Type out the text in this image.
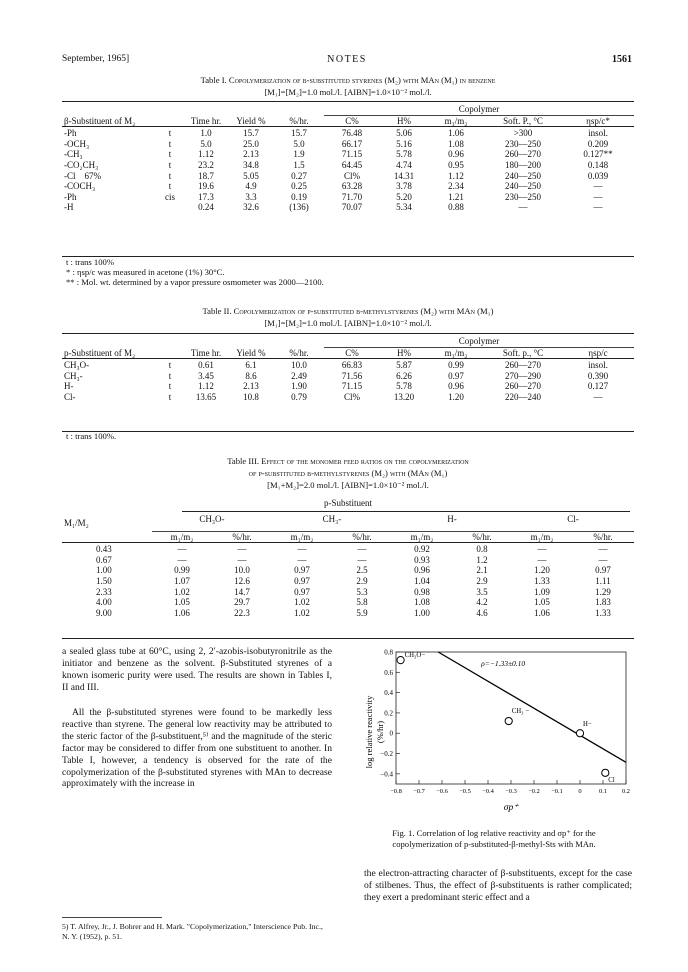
September, 1965]	NOTES	1561
Table I. Copolymerization of β-substituted styrenes (M₂) with MAn (M₁) in benzene
[M₁]=[M₂]=1.0 mol./l. [AIBN]=1.0×10⁻² mol./l.
β-Substituent of M₂		Time hr.	Yield %	%/hr.	Copolymer				
					C%	H%	m₁/m₂	Soft. P., °C	ηsp/c*

-Ph	t	1.0	15.7	15.7	76.48	5.06	1.06	>300	insol.
-OCH₃	t	5.0	25.0	5.0	66.17	5.16	1.08	230—250	0.209
-CH₃	t	1.12	2.13	1.9	71.15	5.78	0.96	260—270	0.127**
-CO₂CH₃	t	23.2	34.8	1.5	64.45	4.74	0.95	180—200	0.148
-Cl    67%	t	18.7	5.05	0.27	Cl%	14.31	1.12	240—250	0.039
-COCH₃	t	19.6	4.9	0.25	63.28	3.78	2.34	240—250	—
-Ph	cis	17.3	3.3	0.19	71.70	5.20	1.21	230—250	—
-H		0.24	32.6	(136)	70.07	5.34	0.88	—	—
t : trans 100%
* : ηsp/c was measured in acetone (1%) 30°C.
** : Mol. wt. determined by a vapor pressure osmometer was 2000—2100.
Table II. Copolymerization of p-substituted β-methylstyrenes (M₂) with MAn (M₁)
[M₁]=[M₂]=1.0 mol./l. [AIBN]=1.0×10⁻² mol./l.
p-Substituent of M₂		Time hr.	Yield %	%/hr.	Copolymer				
					C%	H%	m₁/m₂	Soft. p., °C	ηsp/c

CH₃O-	t	0.61	6.1	10.0	66.83	5.87	0.99	260—270	insol.
CH₃-	t	3.45	8.6	2.49	71.56	6.26	0.97	270—290	0.390
H-	t	1.12	2.13	1.90	71.15	5.78	0.96	260—270	0.127
Cl-	t	13.65	10.8	0.79	Cl%	13.20	1.20	220—240	—
t : trans 100%.
Table III. Effect of the monomer feed ratios on the copolymerization
of p-substituted β-methylstyrenes (M₂) with (MAn (M₁)
[M₁+M₂]=2.0 mol./l. [AIBN]=1.0×10⁻² mol./l.
p-Substituent
M₁/M₂	CH₃O-		CH₃-		H-		Cl-	
	m₁/m₂	%/hr.	m₁/m₂	%/hr.	m₁/m₂	%/hr.	m₁/m₂	%/hr.

0.43	—	—	—	—	0.92	0.8	—	—
0.67	—	—	—	—	0.93	1.2	—	—
1.00	0.99	10.0	0.97	2.5	0.96	2.1	1.20	0.97
1.50	1.07	12.6	0.97	2.9	1.04	2.9	1.33	1.11
2.33	1.02	14.7	0.97	5.3	0.98	3.5	1.09	1.29
4.00	1.05	29.7	1.02	5.8	1.08	4.2	1.05	1.83
9.00	1.06	22.3	1.02	5.9	1.00	4.6	1.06	1.33
a sealed glass tube at 60°C, using 2, 2′-azobis-isobutyronitrile as the initiator and benzene as the solvent. β-Substituted styrenes of a known isomeric purity were used. The results are shown in Tables I, II and III.
All the β-substituted styrenes were found to be markedly less reactive than styrene. The general low reactivity may be attributed to the steric factor of the β-substituent,⁵⁾ and the magnitude of the steric factor may be considered to differ from one substituent to another. In Table I, however, a tendency is observed for the rate of the copolymerization of the β-substituted styrenes with MAn to decrease approximately with the increase in
5) T. Alfrey, Jr., J. Bohrer and H. Mark. "Copolymerization," Interscience Pub. Inc., N. Y. (1952), p. 51.
log relative reactivity (%/hr)
0.8
0.6
0.4
0.2
0
−0.2
−0.4
−0.8 −0.7 −0.6 −0.5 −0.4 −0.3 −0.2 −0.1 0	0.1 0.2
CH₃O−
CH₃ −
H−
Cl
ρ=−1.33±0.10
σp⁺
Fig. 1. Correlation of log relative reactivity and σp⁺ for the copolymerization of p-substituted-β-methyl-Sts with MAn.
the electron-attracting character of β-substituents, except for the case of stilbenes. Thus, the effect of β-substituents is rather complicated; they exert a predominant steric effect and a
